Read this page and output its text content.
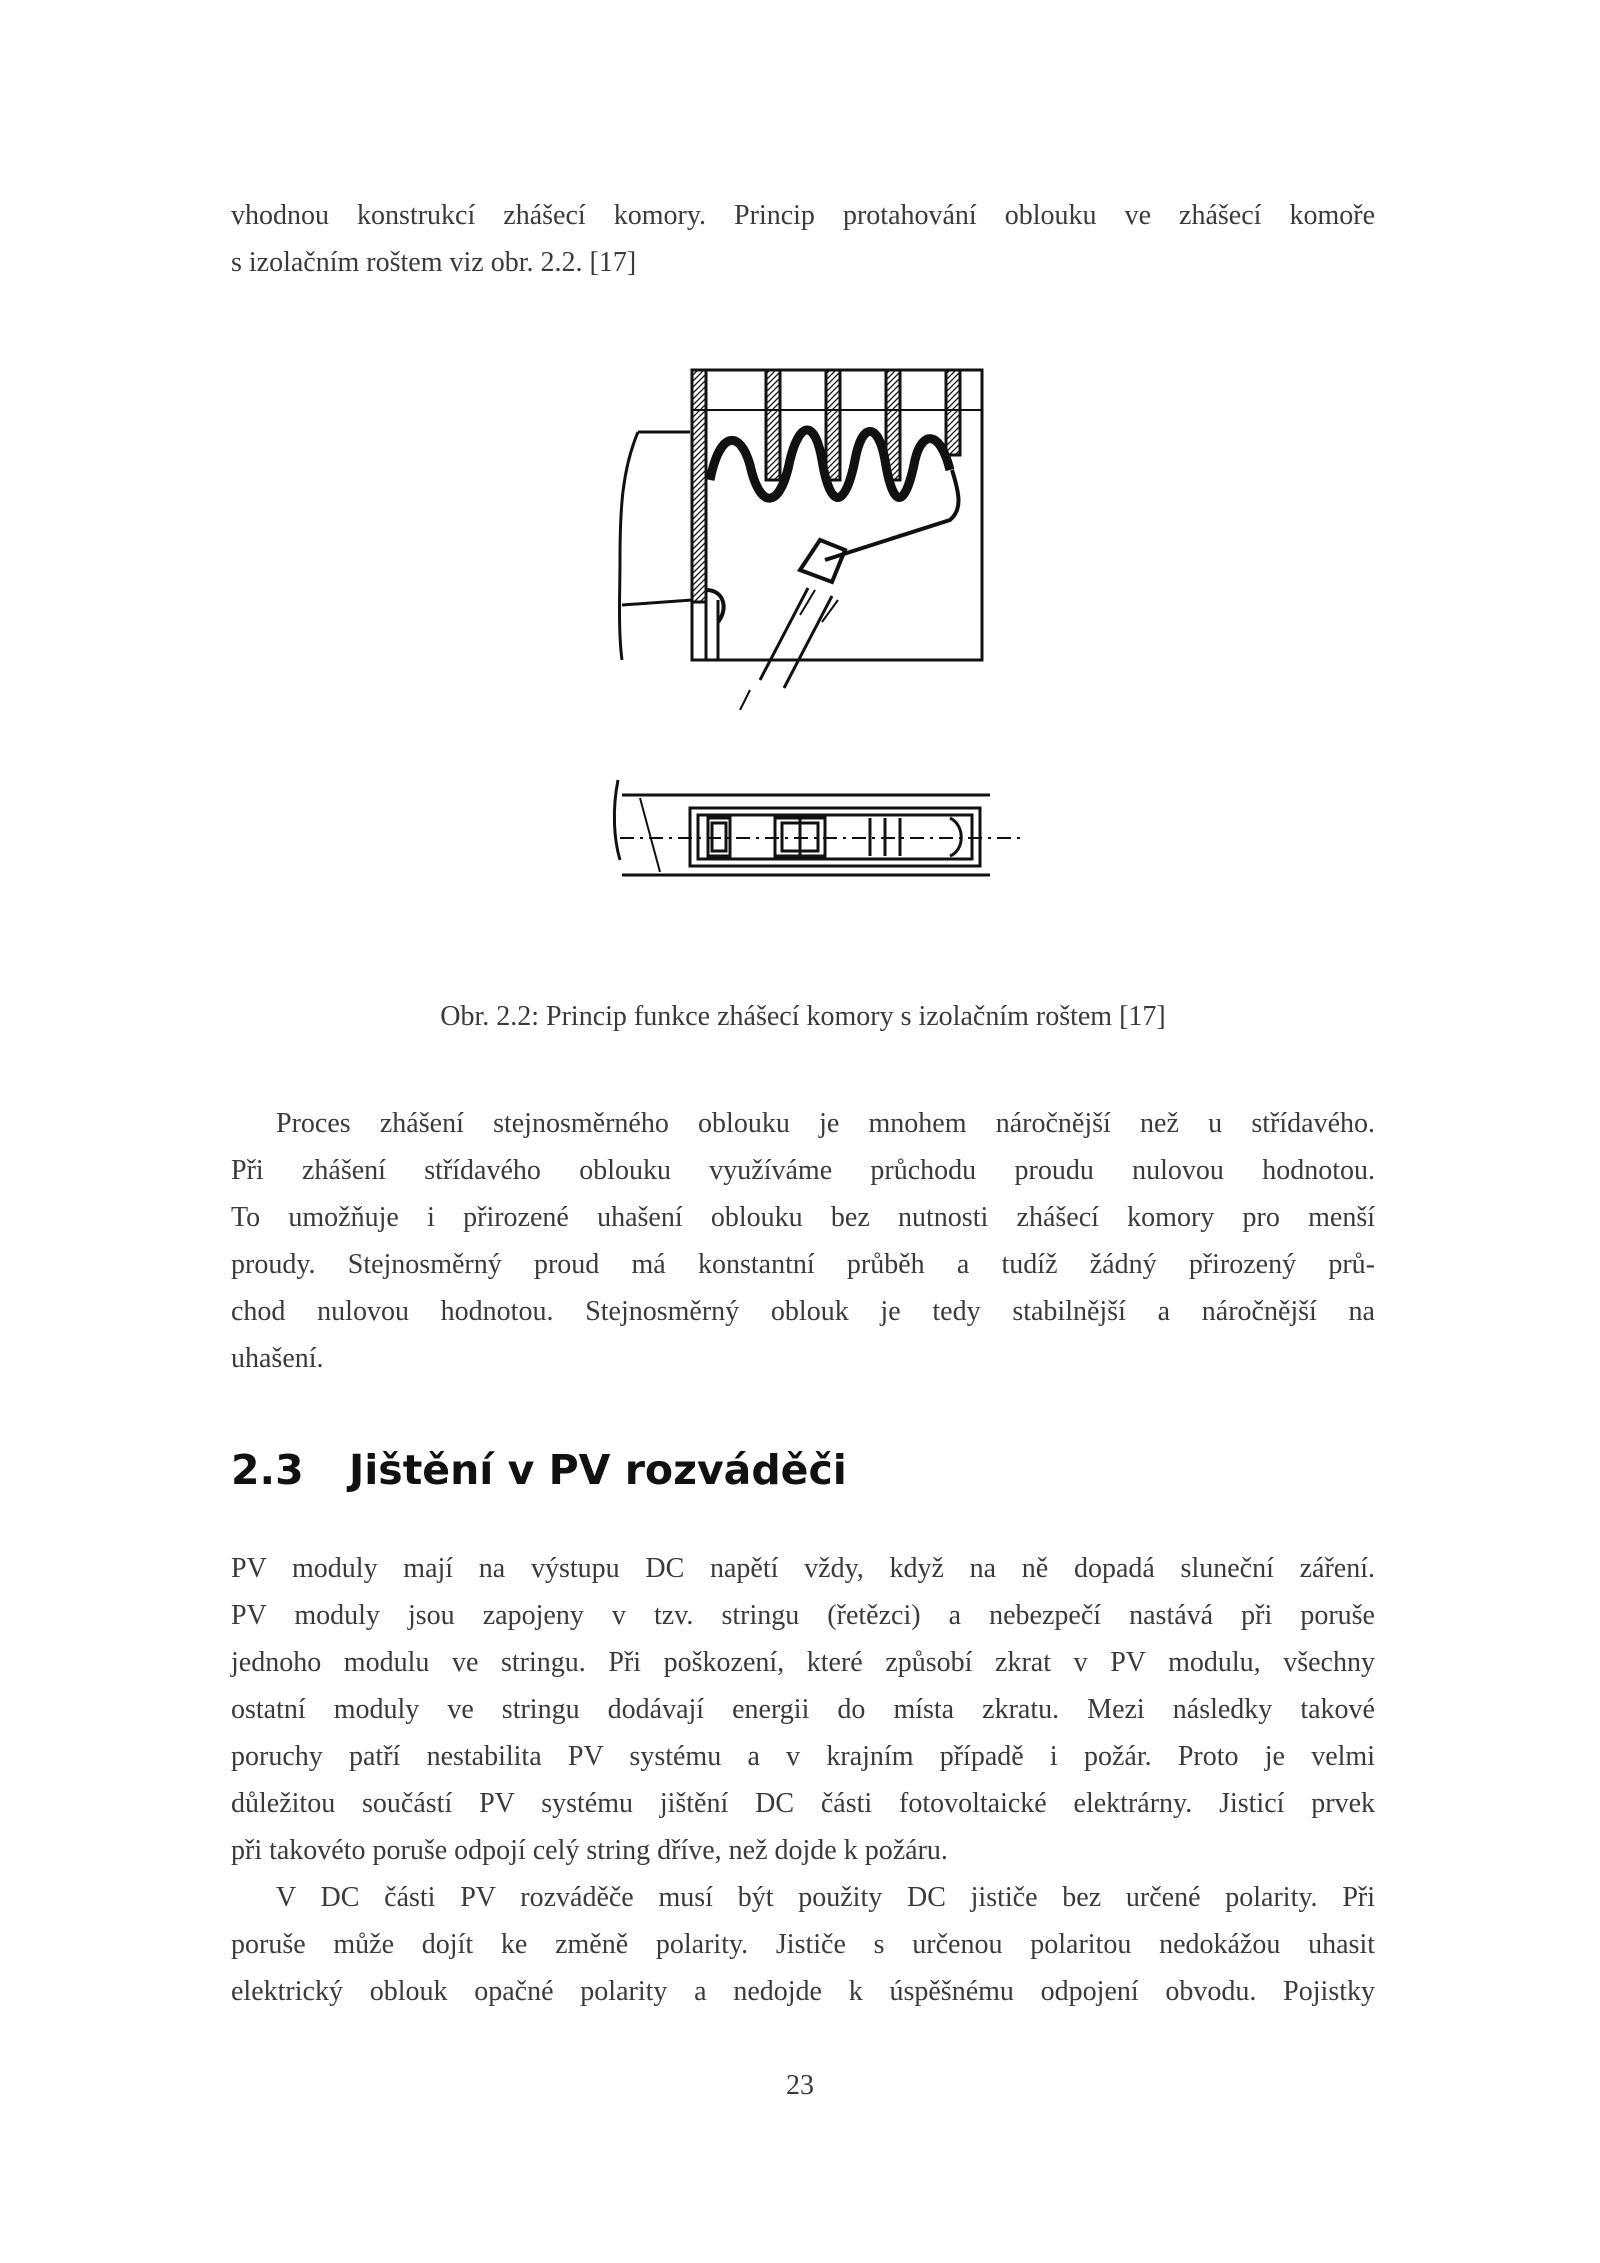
vhodnou konstrukcí zhášecí komory. Princip protahování oblouku ve zhášecí komoře
s izolačním roštem viz obr. 2.2. [17]
Obr. 2.2: Princip funkce zhášecí komory s izolačním roštem [17]
Proces zhášení stejnosměrného oblouku je mnohem náročnější než u střídavého.
Při zhášení střídavého oblouku využíváme průchodu proudu nulovou hodnotou.
To umožňuje i přirozené uhašení oblouku bez nutnosti zhášecí komory pro menší
proudy. Stejnosměrný proud má konstantní průběh a tudíž žádný přirozený prů-
chod nulovou hodnotou. Stejnosměrný oblouk je tedy stabilnější a náročnější na
uhašení.
2.3 Jištění v PV rozváděči
PV moduly mají na výstupu DC napětí vždy, když na ně dopadá sluneční záření.
PV moduly jsou zapojeny v tzv. stringu (řetězci) a nebezpečí nastává při poruše
jednoho modulu ve stringu. Při poškození, které způsobí zkrat v PV modulu, všechny
ostatní moduly ve stringu dodávají energii do místa zkratu. Mezi následky takové
poruchy patří nestabilita PV systému a v krajním případě i požár. Proto je velmi
důležitou součástí PV systému jištění DC části fotovoltaické elektrárny. Jisticí prvek
při takovéto poruše odpojí celý string dříve, než dojde k požáru.
V DC části PV rozváděče musí být použity DC jističe bez určené polarity. Při
poruše může dojít ke změně polarity. Jističe s určenou polaritou nedokážou uhasit
elektrický oblouk opačné polarity a nedojde k úspěšnému odpojení obvodu. Pojistky
23
